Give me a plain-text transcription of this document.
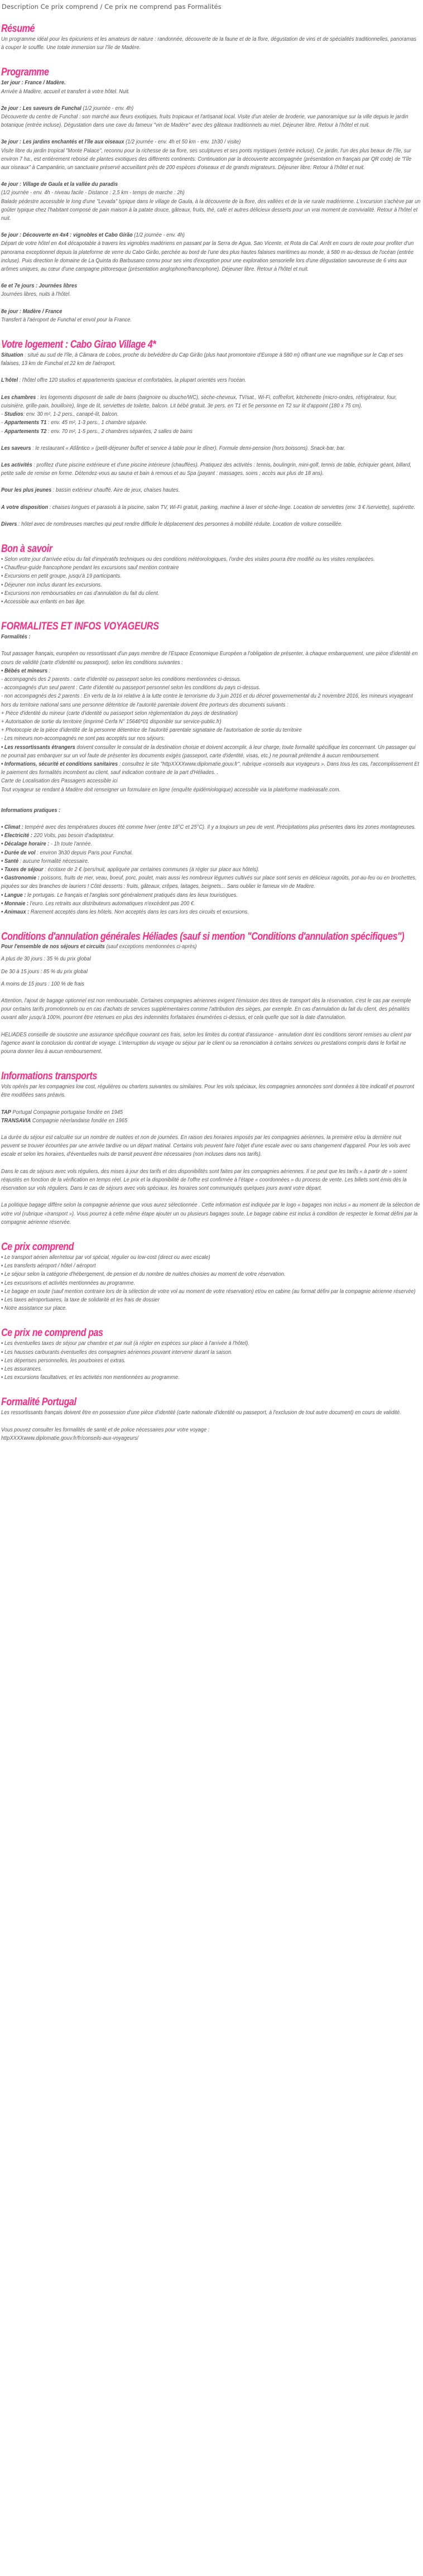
Description Ce prix comprend / Ce prix ne comprend pas Formalités
Résumé

Un programme idéal pour les épicuriens et les amateurs de nature : randonnée, découverte de la faune et de la flore, dégustation de vins et de spécialités traditionnelles, panoramas à couper le souffle. Une totale immersion sur l'île de Madère.

Programme

1er jour : France / Madère.

Arrivée à Madère, accueil et transfert à votre hôtel. Nuit.

2e jour : Les saveurs de Funchal (1/2 journée - env. 4h)

Découverte du centre de Funchal : son marché aux fleurs exotiques, fruits tropicaux et l'artisanat local. Visite d'un atelier de broderie, vue panoramique sur la ville depuis le jardin botanique (entrée incluse). Dégustation dans une cave du fameux "vin de Madère" avec des gâteaux traditionnels au miel. Déjeuner libre. Retour à l'hôtel et nuit.

3e jour : Les jardins enchantés et l'île aux oiseaux (1/2 journée - env. 4h et 50 km - env. 1h30 / visite)

Visite libre du jardin tropical "Monte Palace", reconnu pour la richesse de sa flore, ses sculptures et ses ponts mystiques (entrée incluse). Ce jardin, l'un des plus beaux de l'île, sur environ 7 ha., est entièrement reboisé de plantes exotiques des différents continents. Continuation par la découverte accompagnée (présentation en français par QR code) de "l'île aux oiseaux" à Campanário, un sanctuaire préservé accueillant près de 200 espèces d'oiseaux et de grands migrateurs. Déjeuner libre. Retour à l'hôtel et nuit.

4e jour : Village de Gaula et la vallée du paradis

(1/2 journée - env. 4h - niveau facile - Distance : 2,5 km - temps de marche : 2h)

Balade pédestre accessible le long d'une "Levada" typique dans le village de Gaula, à la découverte de la flore, des vallées et de la vie rurale madérienne. L'excursion s'achève par un goûter typique chez l'habitant composé de pain maison à la patate douce, gâteaux, fruits, thé, café et autres délicieux desserts pour un vrai moment de convivialité. Retour à l'hôtel et nuit.

5e jour : Découverte en 4x4 : vignobles et Cabo Girão (1/2 journée - env. 4h)

Départ de votre hôtel en 4x4 décapotable à travers les vignobles madériens en passant par la Serra de Agua, Sao Vicente, et Rota da Cal. Arrêt en cours de route pour profiter d'un panorama exceptionnel depuis la plateforme de verre du Cabo Girão, perchée au bord de l'une des plus hautes falaises maritimes au monde, à 580 m au-dessus de l'océan (entrée incluse). Puis direction le domaine de La Quinta do Barbusano connu pour ses vins d'exception pour une exploration sensorielle lors d'une dégustation savoureuse de 6 vins aux arômes uniques, au cœur d'une campagne pittoresque (présentation anglophone/francophone). Déjeuner libre. Retour à l'hôtel et nuit.

6e et 7e jours : Journées libres

Journées libres, nuits à l'hôtel.

8e jour : Madère / France

Transfert à l'aéroport de Funchal et envol pour la France.

Votre logement : Cabo Girao Village 4*

Situation : situé au sud de l'île, à Câmara de Lobos, proche du belvédère du Cap Girão (plus haut promontoire d'Europe à 580 m) offrant une vue magnifique sur le Cap et ses falaises, 13 km de Funchal et 22 km de l'aéroport.

L'hôtel : l'hôtel offre 120 studios et appartements spacieux et confortables, la plupart orientés vers l'océan.

Les chambres : les logements disposent de salle de bains (baignoire ou douche/WC), sèche-cheveux, TV/sat., Wi-Fi, coffrefort, kitchenette (micro-ondes, réfrigérateur, four, cuisinière, grille-pain, bouilloire), linge de lit, serviettes de toilette, balcon. Lit bébé gratuit. 3e pers. en T1 et 5e personne en T2 sur lit d'appoint (180 x 75 cm).

- Studios: env. 30 m², 1-2 pers., canapé-lit, balcon.

- Appartements T1 : env. 45 m², 1-3 pers., 1 chambre séparée.

- Appartements T2 : env. 70 m², 1-5 pers., 2 chambres séparées, 2 salles de bains

Les saveurs : le restaurant « Atlântico » (petit-déjeuner buffet et service à table pour le dîner). Formule demi-pension (hors boissons). Snack-bar, bar.

Les activités : profitez d'une piscine extérieure et d'une piscine intérieure (chauffées). Pratiquez des activités : tennis, boulingrin, mini-golf, tennis de table, échiquier géant, billard, petite salle de remise en forme. Détendez-vous au sauna et bain à remous et au Spa (payant : massages, soins ; accès aux plus de 18 ans).

Pour les plus jeunes : bassin extérieur chauffé. Aire de jeux, chaises hautes.

À votre disposition : chaises longues et parasols à la piscine, salon TV, Wi-Fi gratuit, parking, machine à laver et sèche-linge. Location de serviettes (env. 3 € /serviette), supérette.

Divers : hôtel avec de nombreuses marches qui peut rendre difficile le déplacement des personnes à mobilité réduite. Location de voiture conseillée.

Bon à savoir

• Selon votre jour d'arrivée et/ou du fait d'impératifs techniques ou des conditions météorologiques, l'ordre des visites pourra être modifié ou les visites remplacées.

• Chauffeur-guide francophone pendant les excursions sauf mention contraire

• Excursions en petit groupe, jusqu'à 19 participants.

• Déjeuner non inclus durant les excursions.

• Excursions non remboursables en cas d'annulation du fait du client.

• Accessible aux enfants en bas âge.

FORMALITES ET INFOS VOYAGEURS

Formalités :

Tout passager français, européen ou ressortissant d'un pays membre de l'Espace Economique Européen a l'obligation de présenter, à chaque embarquement, une pièce d'identité en cours de validité (carte d'identité ou passeport), selon les conditions suivantes :

• Bébés et mineurs :

- accompagnés des 2 parents : carte d'identité ou passeport selon les conditions mentionnées ci-dessus.

- accompagnés d'un seul parent : Carte d'identité ou passeport personnel selon les conditions du pays ci-dessus.

- non accompagnés des 2 parents : En vertu de la loi relative à la lutte contre le terrorisme du 3 juin 2016 et du décret gouvernemental du 2 novembre 2016, les mineurs voyageant hors du territoire national sans une personne détentrice de l'autorité parentale doivent être porteurs des documents suivants :

+ Pièce d'identité du mineur (carte d'identité ou passeport selon règlementation du pays de destination)

+ Autorisation de sortie du territoire (imprimé Cerfa N° 15646*01 disponible sur service-public.fr)

+ Photocopie de la pièce d'identité de la personne détentrice de l'autorité parentale signataire de l'autorisation de sortie du territoire

- Les mineurs non-accompagnés ne sont pas acceptés sur nos séjours.

• Les ressortissants étrangers doivent consulter le consulat de la destination choisie et doivent accomplir, à leur charge, toute formalité spécifique les concernant. Un passager qui ne pourrait pas embarquer sur un vol faute de présenter les documents exigés (passeport, carte d'identité, visas, etc.) ne pourrait prétendre à aucun remboursement.

• Informations, sécurité et conditions sanitaires : consultez le site "httpXXXXwww.diplomatie.gouv.fr", rubrique «conseils aux voyageurs ». Dans tous les cas, l'accomplissement Et le paiement des formalités incombent au client, sauf indication contraire de la part d'Héliades. .

Carte de Localisation des Passagers accessible ici

Tout voyageur se rendant à Madère doit renseigner un formulaire en ligne (enquête épidémiologique) accessible via la plateforme madeirasafe.com.

Informations pratiques :

• Climat : tempéré avec des températures douces été comme hiver (entre 18°C et 25°C). Il y a toujours un peu de vent. Précipitations plus présentes dans les zones montagneuses.

• Electricité : 220 Volts, pas besoin d'adaptateur.

• Décalage horaire : - 1h toute l'année.

• Durée de vol : environ 3h30 depuis Paris pour Funchal.

• Santé : aucune formalité nécessaire.

• Taxes de séjour : écotaxe de 2 € /pers/nuit, appliquée par certaines communes (à régler sur place aux hôtels).

• Gastronomie : poissons, fruits de mer, veau, boeuf, porc, poulet, mais aussi les nombreux légumes cultivés sur place sont servis en délicieux ragoûts, pot-au-feu ou en brochettes, piquées sur des branches de lauriers ! Côté desserts : fruits, gâteaux, crêpes, laitages, beignets... Sans oublier le fameux vin de Madère.

• Langue : le portugais. Le français et l'anglais sont généralement pratiqués dans les lieux touristiques.

• Monnaie : l'euro. Les retraits aux distributeurs automatiques n'excèdent pas 200 €.

• Animaux : Rarement acceptés dans les hôtels. Non acceptés dans les cars lors des circuits et excursions.

Conditions d'annulation générales Héliades (sauf si mention "Conditions d'annulation spécifiques")

Pour l'ensemble de nos séjours et circuits (sauf exceptions mentionnées ci-après)

A plus de 30 jours : 35 % du prix global

De 30 à 15 jours : 85 % du prix global

A moins de 15 jours : 100 % de frais

Attention, l'ajout de bagage optionnel est non remboursable. Certaines compagnies aériennes exigent l'émission des titres de transport dès la réservation, c'est le cas par exemple pour certains tarifs promotionnels ou en cas d'achats de services supplémentaires comme l'attribution des sièges, par exemple. En cas d'annulation du fait du client, des pénalités ouvant aller jusqu'à 100%, pourront être retenues en plus des indemnités forfaitaires énumérées ci-dessus, et cela quelle que soit la date d'annulation.

HELIADES conseille de souscrire une assurance spécifique couvrant ces frais, selon les limites du contrat d'assurance - annulation dont les conditions seront remises au client par l'agence avant la conclusion du contrat de voyage. L'interruption du voyage ou séjour par le client ou sa renonciation à certains services ou prestations compris dans le forfait ne pourra donner lieu à aucun remboursement.

Informations transports

Vols opérés par les compagnies low cost, régulières ou charters suivantes ou similaires. Pour les vols spéciaux, les compagnies annoncées sont données à titre indicatif et pourront être modifiées sans préavis.

TAP Portugal Compagnie portugaise fondée en 1945

TRANSAVIA Compagnie néerlandaise fondée en 1965

La durée du séjour est calculée sur un nombre de nuitées et non de journées. En raison des horaires imposés par les compagnies aériennes, la première et/ou la dernière nuit peuvent se trouver écourtées par une arrivée tardive ou un départ matinal. Certains vols peuvent faire l'objet d'une escale avec ou sans changement d'appareil. Pour les vols avec escale et selon les horaires, d'éventuelles nuits de transit peuvent être nécessaires (non incluses dans nos tarifs).

Dans le cas de séjours avec vols réguliers, des mises à jour des tarifs et des disponibilités sont faites par les compagnies aériennes. Il se peut que les tarifs « à partir de » soient réajustés en fonction de la vérification en temps réel. Le prix et la disponibilité de l'offre est confirmée à l'étape « coordonnées » du process de vente. Les billets sont émis dès la réservation sur vols réguliers. Dans le cas de séjours avec vols spéciaux, les horaires sont communiqués quelques jours avant votre départ.

La politique bagage diffère selon la compagnie aérienne que vous aurez sélectionnée . Cette information est indiquée par le logo « bagages non inclus » au moment de la sélection de votre vol (rubrique «transport »). Vous pourrez à cette même étape ajouter un ou plusieurs bagages soute. Le bagage cabine est inclus à condition de respecter le format défini par la compagnie aérienne réservée.

Ce prix comprend

• Le transport aérien aller/retour par vol spécial, régulier ou low-cost (direct ou avec escale)

• Les transferts aéroport / hôtel / aéroport

• Le séjour selon la catégorie d'hébergement, de pension et du nombre de nuitées choisies au moment de votre réservation.

• Les excusrisons et activités mentionnées au programme.

• Le bagage en soute (sauf mention contraire lors de la sélection de votre vol au moment de votre réservation) et/ou en cabine (au format défini par la compagnie aérienne réservée)

• Les taxes aéroportuaires, la taxe de solidarité et les frais de dossier

• Notre assistance sur place.

Ce prix ne comprend pas

• Les éventuelles taxes de séjour par chambre et par nuit (à régler en espèces sur place à l'arrivée à l'hôtel).

• Les hausses carburants éventuelles des compagnies aériennes pouvant intervenir durant la saison.

• Les dépenses personnelles, les pourboires et extras.

• Les assurances.

• Les excursions facultatives, et les activités non mentionnées au programme.

Formalité Portugal

Les ressortissants français doivent être en possession d'une pièce d'identité (carte nationale d'identité ou passeport, à l'exclusion de tout autre document) en cours de validité.

Vous pouvez consulter les formalités de santé et de police nécessaires pour votre voyage :

httpXXXXwww.diplomatie.gouv.fr/fr/conseils-aux-voyageurs/
